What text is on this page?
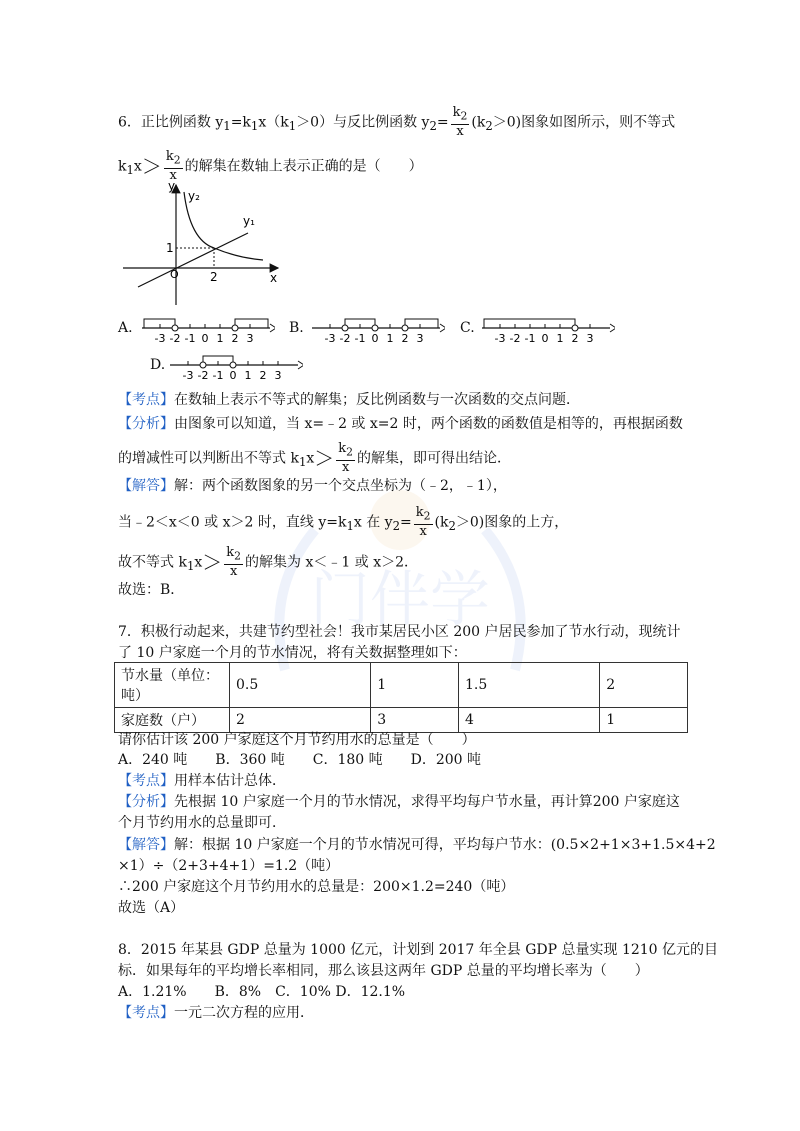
门伴学
6．正比例函数 $y_1=k_1x(k_1>0)$与反比例函数 $y_2= \frac{k_2}{x} (k_2>0)$图象如图所示，则不等式
$k_1x> \frac{k_2}{x}$ 的解集在数轴上表示正确的是（　　）
y
y₂
y₁
1
2	x
O
A.
-3 -2 -1 0 1 2 3
B.
-3 -2 -1 0 1 2 3
C.
-3 -2 -1 0 1 2 3
D.
-3 -2 -1 0 1 2 3
【考点】在数轴上表示不等式的解集；反比例函数与一次函数的交点问题．
【分析】由图象可以知道，当 x=﹣2 或 x=2 时，两个函数的函数值是相等的，再根据函数
的增减性可以判断出不等式 $k_1x> \frac{k_2}{x}$ 的解集，即可得出结论．
【解答】解：两个函数图象的另一个交点坐标为（﹣2，﹣1），
当﹣2＜x＜0 或 x＞2 时，直线 $y=k_1x$ 在 $y_2= \frac{k_2}{x} (k_2>0)$图象的上方，
故不等式 $k_1x> \frac{k_2}{x}$ 的解集为 x＜﹣1 或 x＞2．
故选：B．
7．积极行动起来，共建节约型社会！我市某居民小区 200 户居民参加了节水行动，现统计
了 10 户家庭一个月的节水情况，将有关数据整理如下：
节水量（单位：
吨）	0.5	1	1.5	2
家庭数（户）	2	3	4	1
请你估计该 200 户家庭这个月节约用水的总量是（　　）
A．240 吨　　B．360 吨　　C．180 吨　　D．200 吨
【考点】用样本估计总体．
【分析】先根据 10 户家庭一个月的节水情况，求得平均每户节水量，再计算200 户家庭这
个月节约用水的总量即可．
【解答】解：根据 10 户家庭一个月的节水情况可得，平均每户节水：(0.5×2+1×3+1.5×4+2
×1）÷（2+3+4+1）=1.2（吨）
∴200 户家庭这个月节约用水的总量是：200×1.2=240（吨）
故选（A）
8．2015 年某县 GDP 总量为 1000 亿元，计划到 2017 年全县 GDP 总量实现 1210 亿元的目
标．如果每年的平均增长率相同，那么该县这两年 GDP 总量的平均增长率为（　　）
A．1.21%　　B．8%　C．10% D．12.1%
【考点】一元二次方程的应用．
